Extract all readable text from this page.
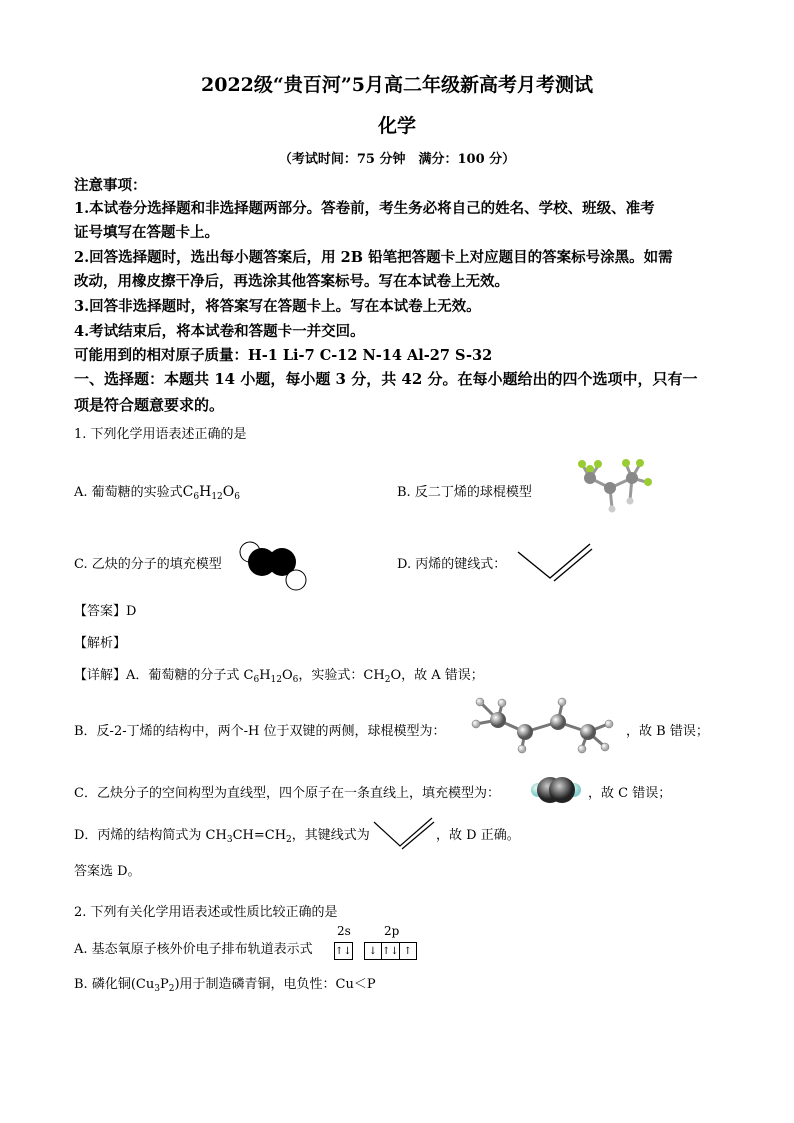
2022级“贵百河”5月高二年级新高考月考测试
化学
（考试时间：75 分钟　满分：100 分）
注意事项：
1.本试卷分选择题和非选择题两部分。答卷前，考生务必将自己的姓名、学校、班级、准考
证号填写在答题卡上。
2.回答选择题时，选出每小题答案后，用 2B 铅笔把答题卡上对应题目的答案标号涂黑。如需
改动，用橡皮擦干净后，再选涂其他答案标号。写在本试卷上无效。
3.回答非选择题时，将答案写在答题卡上。写在本试卷上无效。
4.考试结束后，将本试卷和答题卡一并交回。
可能用到的相对原子质量：H-1 Li-7 C-12 N-14 Al-27 S-32
一、选择题：本题共 14 小题，每小题 3 分，共 42 分。在每小题给出的四个选项中，只有一
项是符合题意要求的。
1. 下列化学用语表述正确的是
A. 葡萄糖的实验式$C_6H_{12}O_6$	B. 反二丁烯的球棍模型
C. 乙炔的分子的填充模型	D. 丙烯的键线式：
【答案】D
【解析】
【详解】A．葡萄糖的分子式 $C_6H_{12}O_6$，实验式：$CH_2O$，故 A 错误；
B．反-2-丁烯的结构中，两个-H 位于双键的两侧，球棍模型为：	，故 B 错误；
C．乙炔分子的空间构型为直线型，四个原子在一条直线上，填充模型为：	，故 C 错误；
D．丙烯的结构简式为 $CH_3CH=CH_2$，其键线式为	，故 D 正确。
答案选 D。
2. 下列有关化学用语表述或性质比较正确的是
A. 基态氧原子核外价电子排布轨道表示式
2s	2p
↑↓ ↓	↑↓	↑
B. 磷化铜$(Cu_3P_2)$用于制造磷青铜，电负性：Cu＜P
